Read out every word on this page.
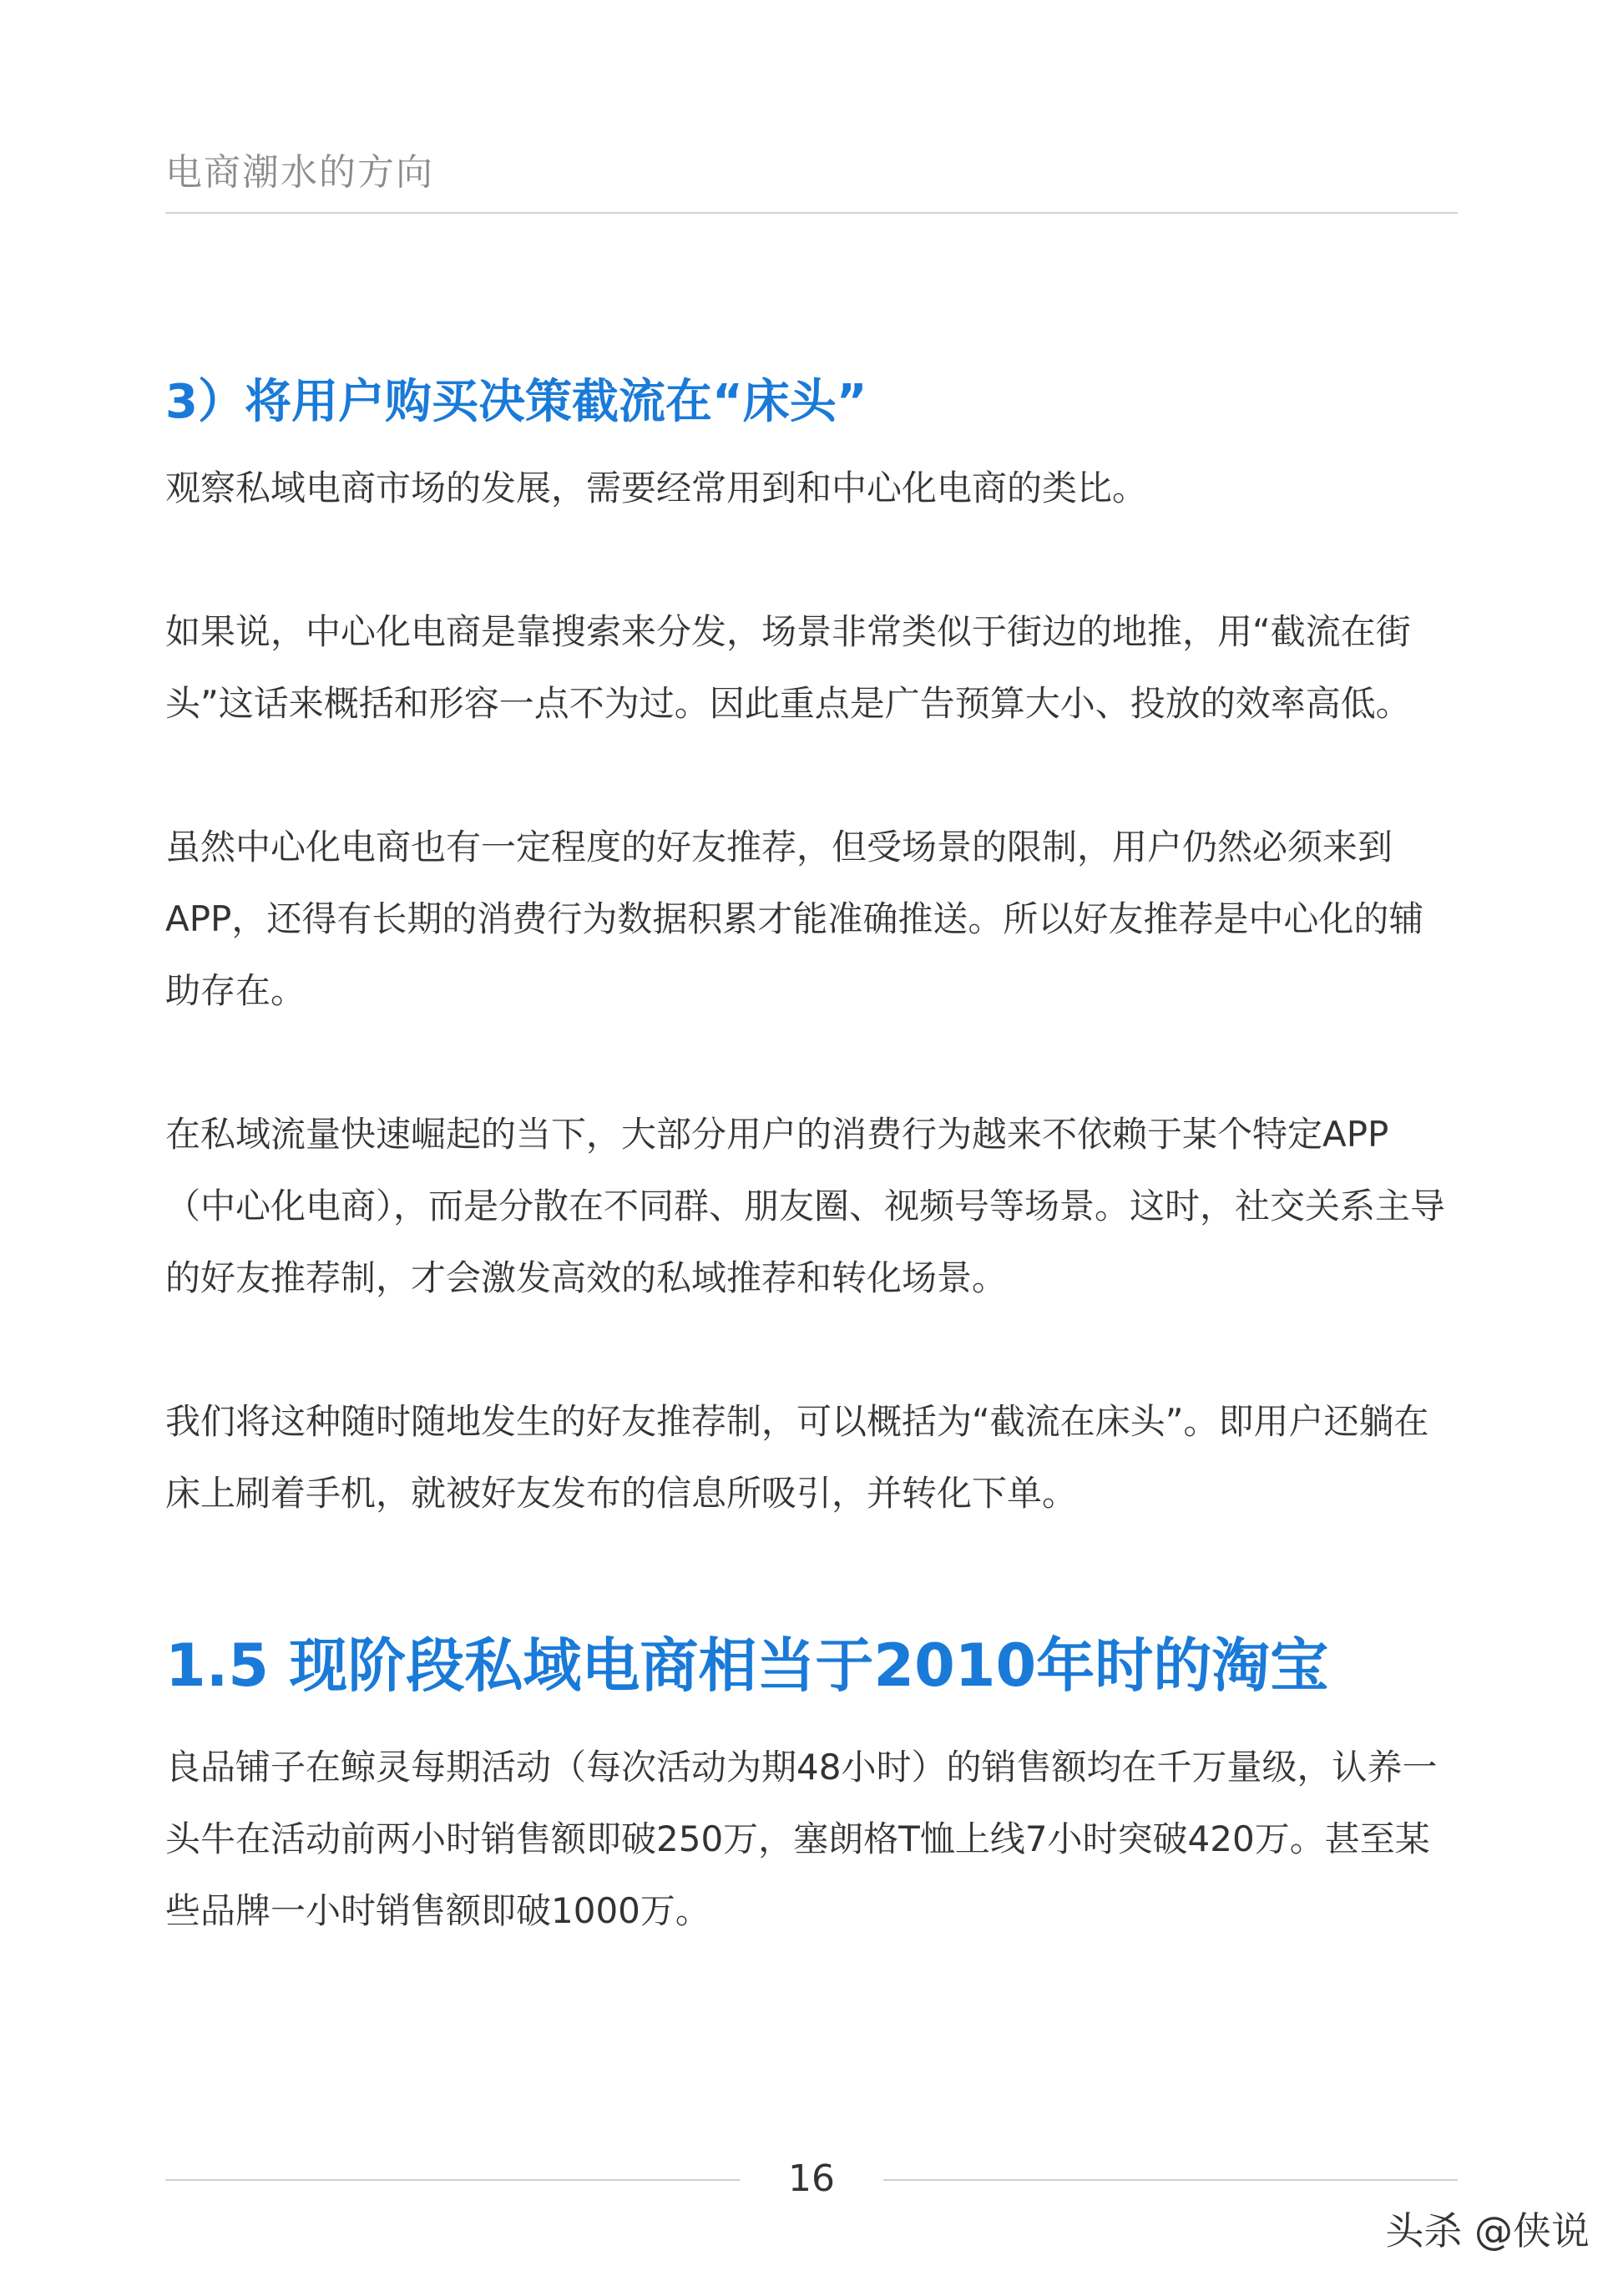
电商潮水的方向
3）将用户购买决策截流在“床头”

观察私域电商市场的发展，需要经常用到和中心化电商的类比。

如果说，中心化电商是靠搜索来分发，场景非常类似于街边的地推，用“截流在街头”这话来概括和形容一点不为过。因此重点是广告预算大小、投放的效率高低。

虽然中心化电商也有一定程度的好友推荐，但受场景的限制，用户仍然必须来到APP，还得有长期的消费行为数据积累才能准确推送。所以好友推荐是中心化的辅助存在。

在私域流量快速崛起的当下，大部分用户的消费行为越来不依赖于某个特定APP（中心化电商），而是分散在不同群、朋友圈、视频号等场景。这时，社交关系主导的好友推荐制，才会激发高效的私域推荐和转化场景。

我们将这种随时随地发生的好友推荐制，可以概括为“截流在床头”。即用户还躺在床上刷着手机，就被好友发布的信息所吸引，并转化下单。

1.5 现阶段私域电商相当于2010年时的淘宝

良品铺子在鲸灵每期活动（每次活动为期48小时）的销售额均在千万量级，认养一头牛在活动前两小时销售额即破250万，塞朗格T恤上线7小时突破420万。甚至某些品牌一小时销售额即破1000万。

16
头杀 @侠说
